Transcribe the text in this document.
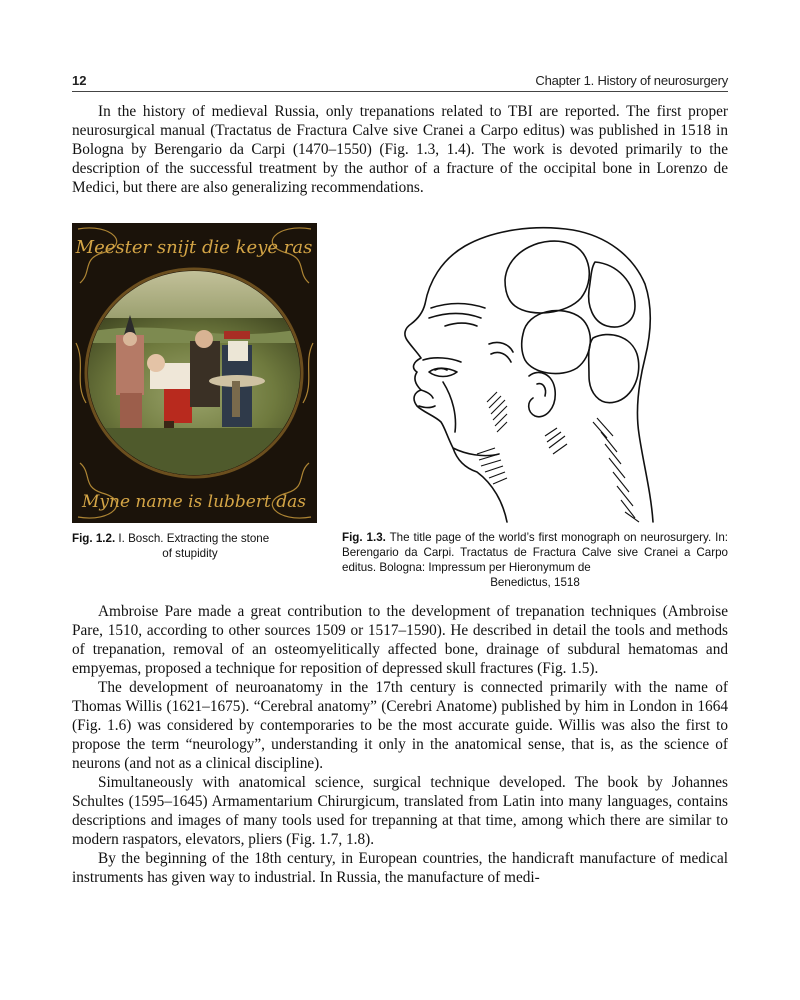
12	Chapter 1. History of neurosurgery

In the history of medieval Russia, only trepanations related to TBI are reported. The first proper neurosurgical manual (Tractatus de Fractura Calve sive Cranei a Carpo editus) was published in 1518 in Bologna by Berengario da Carpi (1470–1550) (Fig. 1.3, 1.4). The work is devoted primarily to the description of the successful treatment by the author of a fracture of the occipital bone in Lorenzo de Medici, but there are also generalizing recommendations.

Meester snijt die keye ras
Myne name is lubbert das
Fig. 1.2. I. Bosch. Extracting the stone
of stupidity
Fig. 1.3. The title page of the world’s first monograph on neurosurgery. In: Berengario da Carpi. Tractatus de Fractura Calve sive Cranei a Carpo editus. Bologna: Impressum per Hieronymum de
Benedictus, 1518

Ambroise Pare made a great contribution to the development of trepanation techniques (Ambroise Pare, 1510, according to other sources 1509 or 1517–1590). He described in detail the tools and methods of trepanation, removal of an osteomyelitically affected bone, drainage of subdural hematomas and empyemas, proposed a technique for reposition of depressed skull fractures (Fig. 1.5).

The development of neuroanatomy in the 17th century is connected primarily with the name of Thomas Willis (1621–1675). “Cerebral anatomy” (Cerebri Anatome) published by him in London in 1664 (Fig. 1.6) was considered by contemporaries to be the most accurate guide. Willis was also the first to propose the term “neurology”, understanding it only in the anatomical sense, that is, as the science of neurons (and not as a clinical discipline).

Simultaneously with anatomical science, surgical technique developed. The book by Johannes Schultes (1595–1645) Armamentarium Chirurgicum, translated from Latin into many languages, contains descriptions and images of many tools used for trepanning at that time, among which there are similar to modern raspators, elevators, pliers (Fig. 1.7, 1.8).

By the beginning of the 18th century, in European countries, the handicraft manufacture of medical instruments has given way to industrial. In Russia, the manufacture of medi-
